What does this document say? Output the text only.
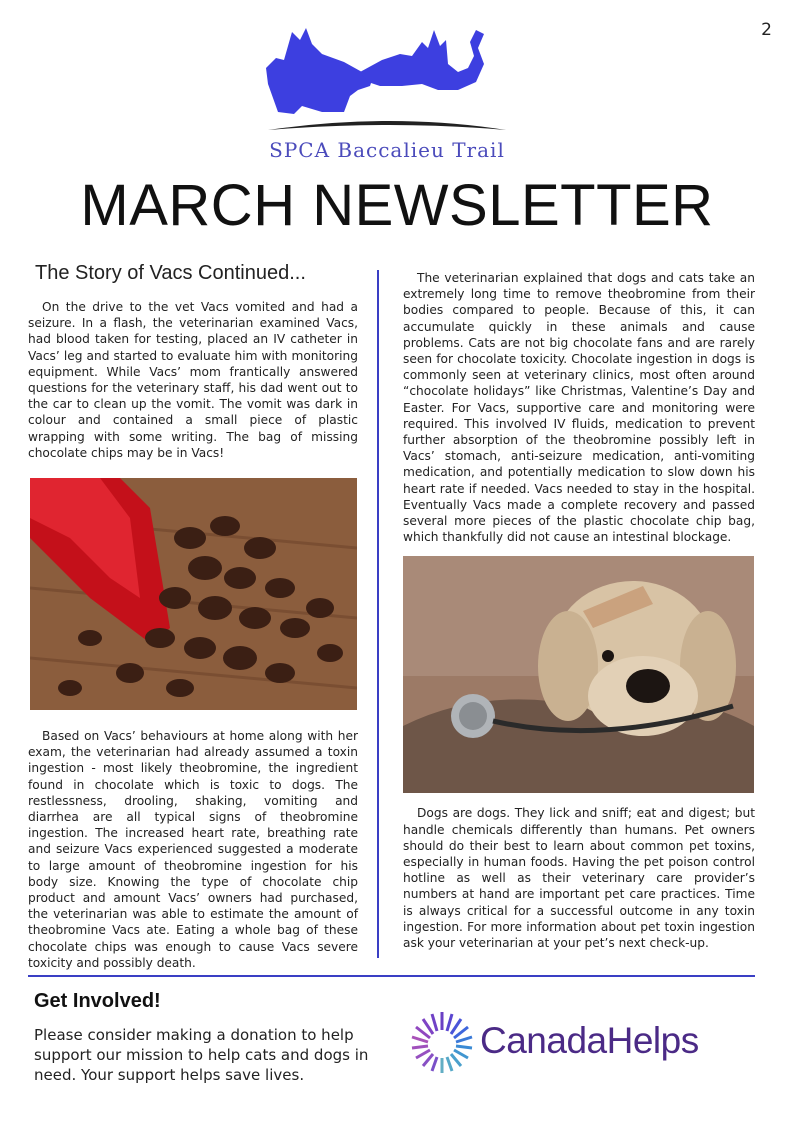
2
SPCA Baccalieu Trail
MARCH NEWSLETTER
The Story of Vacs Continued...

On the drive to the vet Vacs vomited and had a seizure. In a flash, the veterinarian examined Vacs, had blood taken for testing, placed an IV catheter in Vacs’ leg and started to evaluate him with monitoring equipment. While Vacs’ mom frantically answered questions for the veterinary staff, his dad went out to the car to clean up the vomit. The vomit was dark in colour and contained a small piece of plastic wrapping with some writing. The bag of missing chocolate chips may be in Vacs!

Based on Vacs’ behaviours at home along with her exam, the veterinarian had already assumed a toxin ingestion - most likely theobromine, the ingredient found in chocolate which is toxic to dogs. The restlessness, drooling, shaking, vomiting and diarrhea are all typical signs of theobromine ingestion. The increased heart rate, breathing rate and seizure Vacs experienced suggested a moderate to large amount of theobromine ingestion for his body size. Knowing the type of chocolate chip product and amount Vacs’ owners had purchased, the veterinarian was able to estimate the amount of theobromine Vacs ate. Eating a whole bag of these chocolate chips was enough to cause Vacs severe toxicity and possibly death.

The veterinarian explained that dogs and cats take an extremely long time to remove theobromine from their bodies compared to people. Because of this, it can accumulate quickly in these animals and cause problems. Cats are not big chocolate fans and are rarely seen for chocolate toxicity. Chocolate ingestion in dogs is commonly seen at veterinary clinics, most often around “chocolate holidays” like Christmas, Valentine’s Day and Easter. For Vacs, supportive care and monitoring were required. This involved IV fluids, medication to prevent further absorption of the theobromine possibly left in Vacs’ stomach, anti-seizure medication, anti-vomiting medication, and potentially medication to slow down his heart rate if needed. Vacs needed to stay in the hospital. Eventually Vacs made a complete recovery and passed several more pieces of the plastic chocolate chip bag, which thankfully did not cause an intestinal blockage.

Dogs are dogs. They lick and sniff; eat and digest; but handle chemicals differently than humans. Pet owners should do their best to learn about common pet toxins, especially in human foods. Having the pet poison control hotline as well as their veterinary care provider’s numbers at hand are important pet care practices. Time is always critical for a successful outcome in any toxin ingestion. For more information about pet toxin ingestion ask your veterinarian at your pet’s next check-up.

Get Involved!

Please consider making a donation to help support our mission to help cats and dogs in need. Your support helps save lives.

CanadaHelps
